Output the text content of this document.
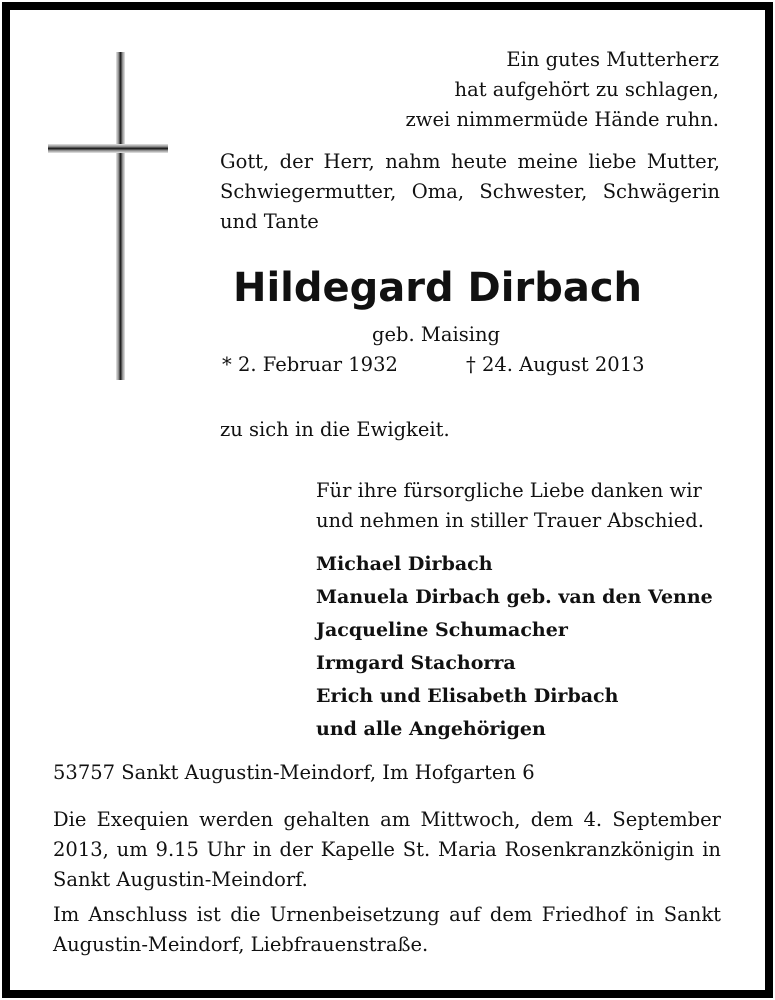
Ein gutes Mutterherz
hat aufgehört zu schlagen,
zwei nimmermüde Hände ruhn.
Gott, der Herr, nahm heute meine liebe Mutter,
Schwiegermutter, Oma, Schwester, Schwägerin
und Tante
Hildegard Dirbach
geb. Maising
* 2. Februar 1932	† 24. August 2013
zu sich in die Ewigkeit.
Für ihre fürsorgliche Liebe danken wir
und nehmen in stiller Trauer Abschied.
Michael Dirbach
Manuela Dirbach geb. van den Venne
Jacqueline Schumacher
Irmgard Stachorra
Erich und Elisabeth Dirbach
und alle Angehörigen
53757 Sankt Augustin-Meindorf, Im Hofgarten 6
Die Exequien werden gehalten am Mittwoch, dem 4. September
2013, um 9.15 Uhr in der Kapelle St. Maria Rosenkranzkönigin in
Sankt Augustin-Meindorf.
Im Anschluss ist die Urnenbeisetzung auf dem Friedhof in Sankt
Augustin-Meindorf, Liebfrauenstraße.
